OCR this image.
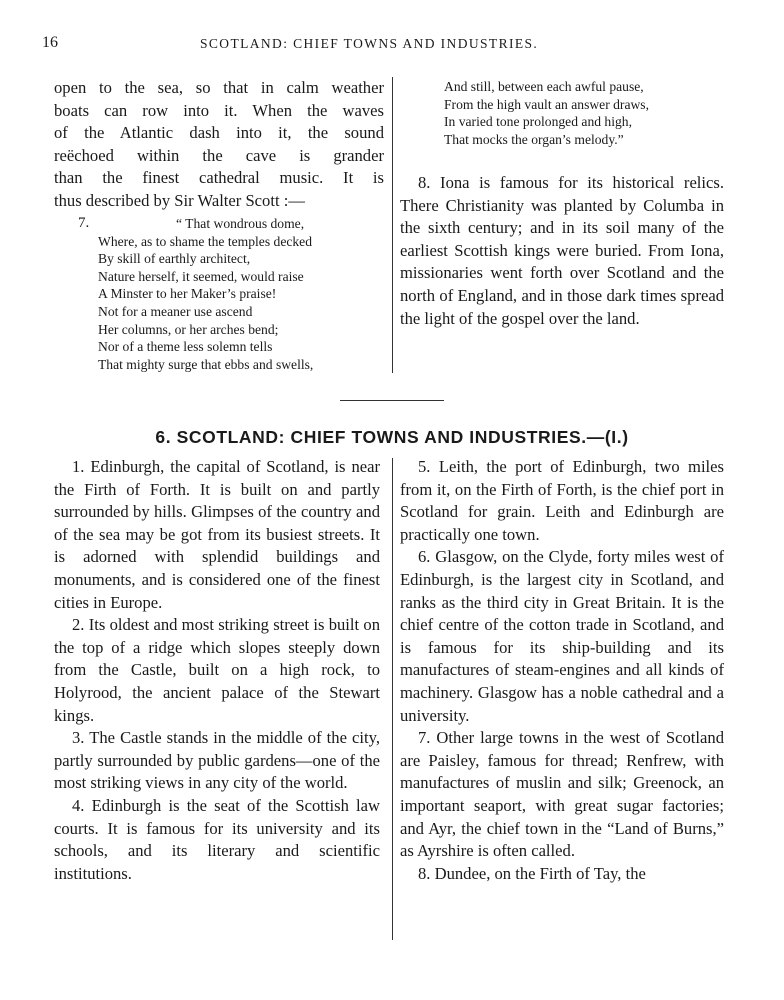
16	SCOTLAND: CHIEF TOWNS AND INDUSTRIES.
open to the sea, so that in calm weather
boats can row into it. When the waves
of the Atlantic dash into it, the sound
reëchoed within the cave is grander
than the finest cathedral music. It is
thus described by Sir Walter Scott :—
7.	“ That wondrous dome,
Where, as to shame the temples decked
By skill of earthly architect,
Nature herself, it seemed, would raise
A Minster to her Maker’s praise!
Not for a meaner use ascend
Her columns, or her arches bend;
Nor of a theme less solemn tells
That mighty surge that ebbs and swells,
And still, between each awful pause,
From the high vault an answer draws,
In varied tone prolonged and high,
That mocks the organ’s melody.”

8. Iona is famous for its historical relics. There Christianity was planted by Columba in the sixth century; and in its soil many of the earliest Scottish kings were buried. From Iona, missionaries went forth over Scotland and the north of England, and in those dark times spread the light of the gospel over the land.

6. SCOTLAND: CHIEF TOWNS AND INDUSTRIES.—(I.)

1. Edinburgh, the capital of Scotland, is near the Firth of Forth. It is built on and partly surrounded by hills. Glimpses of the country and of the sea may be got from its busiest streets. It is adorned with splendid buildings and monuments, and is considered one of the finest cities in Europe.

2. Its oldest and most striking street is built on the top of a ridge which slopes steeply down from the Castle, built on a high rock, to Holyrood, the ancient palace of the Stewart kings.

3. The Castle stands in the middle of the city, partly surrounded by public gardens—one of the most striking views in any city of the world.

4. Edinburgh is the seat of the Scottish law courts. It is famous for its university and its schools, and its literary and scientific institutions.

5. Leith, the port of Edinburgh, two miles from it, on the Firth of Forth, is the chief port in Scotland for grain. Leith and Edinburgh are practically one town.

6. Glasgow, on the Clyde, forty miles west of Edinburgh, is the largest city in Scotland, and ranks as the third city in Great Britain. It is the chief centre of the cotton trade in Scotland, and is famous for its ship-building and its manufactures of steam-engines and all kinds of machinery. Glasgow has a noble cathedral and a university.

7. Other large towns in the west of Scotland are Paisley, famous for thread; Renfrew, with manufactures of muslin and silk; Greenock, an important seaport, with great sugar factories; and Ayr, the chief town in the “Land of Burns,” as Ayrshire is often called.

8. Dundee, on the Firth of Tay, the
